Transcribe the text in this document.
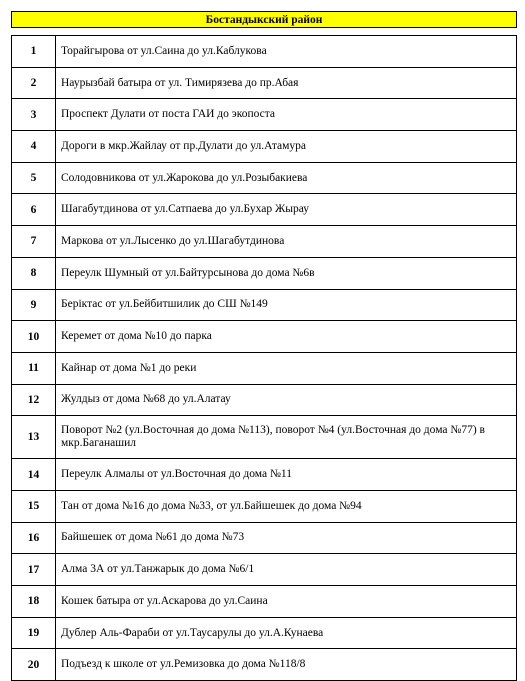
Бостандыкский район
1	Торайгырова от ул.Саина до ул.Каблукова
2	Наурызбай батыра от ул. Тимирязева до пр.Абая
3	Проспект Дулати от поста ГАИ до экопоста
4	Дороги в мкр.Жайлау от пр.Дулати до ул.Атамура
5	Солодовникова от ул.Жарокова до ул.Розыбакиева
6	Шагабутдинова от ул.Сатпаева до ул.Бухар Жырау
7	Маркова от ул.Лысенко до ул.Шагабутдинова
8	Переулк Шумный от ул.Байтурсынова до дома №6в
9	Берiктас от ул.Бейбитшилик до СШ №149
10	Керемет от дома №10 до парка
11	Кайнар от дома №1 до реки
12	Жулдыз от дома №68 до ул.Алатау
13	Поворот №2 (ул.Восточная до дома №113), поворот №4 (ул.Восточная до дома №77) в мкр.Баганашил
14	Переулк Алмалы от ул.Восточная до дома №11
15	Тан от дома №16 до дома №33, от ул.Байшешек до дома №94
16	Байшешек от дома №61 до дома №73
17	Алма 3А от ул.Танжарык до дома №6/1
18	Кошек батыра от ул.Аскарова до ул.Саина
19	Дублер Аль-Фараби от ул.Таусарулы до ул.А.Кунаева
20	Подъезд к школе от ул.Ремизовка до дома №118/8
